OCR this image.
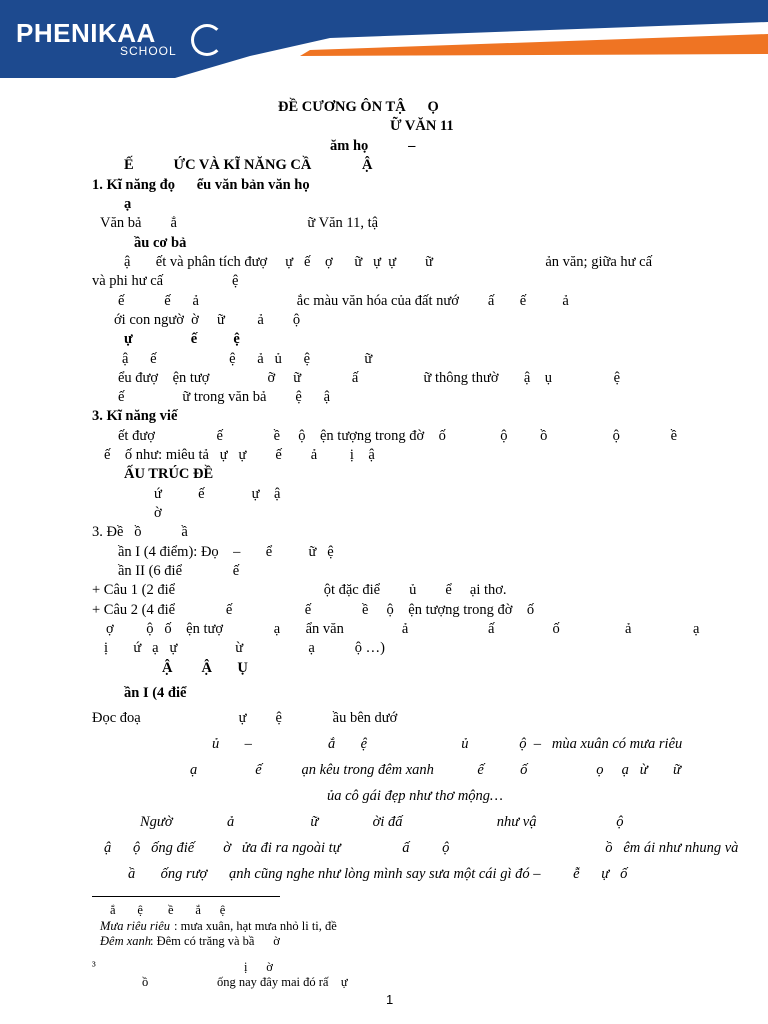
PHENIKAA
SCHOOL
ĐỀ CƯƠNG ÔN TẬ      Ọ
Ữ VĂN 11
ăm họ           –
Ế           ỨC VÀ KĨ NĂNG CẦ              Ậ
1. Kĩ năng đọ      ểu văn bản văn họ
ạ
Văn bả        ẳ                                    ữ Văn 11, tậ
ầu cơ bả
ậ       ết và phân tích đượ     ự   ế    ợ      ữ   ự  ự        ữ                               ản văn; giữa hư cấ
và phi hư cấ                   ệ
ế           ế      ả                           ắc màu văn hóa của đất nướ        ấ       ế          ả
ới con ngườ  ờ     ữ         ả        ộ
ự                ế          ệ
ậ      ế                    ệ      ả   ủ      ệ               ữ
ểu đượ    ện tượ                ỡ     ữ              ấ                  ữ thông thườ       ậ    ụ                 ệ
ế                ữ trong văn bả        ệ      ậ
3. Kĩ năng viế
ết đượ                 ế              ề     ộ    ện tượng trong đờ    ố               ộ         ồ                  ộ              ề
ế    ố như: miêu tả   ự   ự        ế        ả         ị    ậ
ẤU TRÚC ĐỀ
ứ          ế             ự    ậ
ờ
3. Đề   ồ           ầ
ần I (4 điểm): Đọ    –       ể          ữ   ệ
ần II (6 điể              ế
+ Câu 1 (2 điể                                         ột đặc điể        ủ        ể     ại thơ.
+ Câu 2 (4 điể              ế                    ế              ề     ộ    ện tượng trong đờ    ố
ợ         ộ   ố    ện tượ              ạ       ẩn văn                ả                      ấ                ố                  ả                 ạ
ị       ứ   ạ   ự                ừ                  ạ           ộ …)
Ậ        Ậ       Ụ
ần I (4 điể
Đọc đoạ                           ự        ệ              ầu bên dướ
ủ       –                     ắ       ệ                          ủ              ộ  –   mùa xuân có mưa riêu
ạ                ế           ạn kêu trong đêm xanh            ế          ố                   ọ     ạ   ừ       ữ
ủa cô gái đẹp như thơ mộng…
Ngườ               ả                     ữ               ời đấ                          như vậ                      ộ
ậ      ộ   ống điế        ờ   ửa đi ra ngoài tự                 ấ         ộ                                           ồ   êm ái như nhung và
ầ       ống rượ      ạnh cũng nghe như lòng mình say sưa một cái gì đó –         ễ      ự   ố
ắ       ệ        ề       ắ      ệ
Mưa riêu riêu : mưa xuân, hạt mưa nhỏ li ti, đề
Đêm xanh
: Đêm có trăng và bầ      ờ
³	ị      ờ
ồ                      ống nay đây mai đó rấ    ự
1
